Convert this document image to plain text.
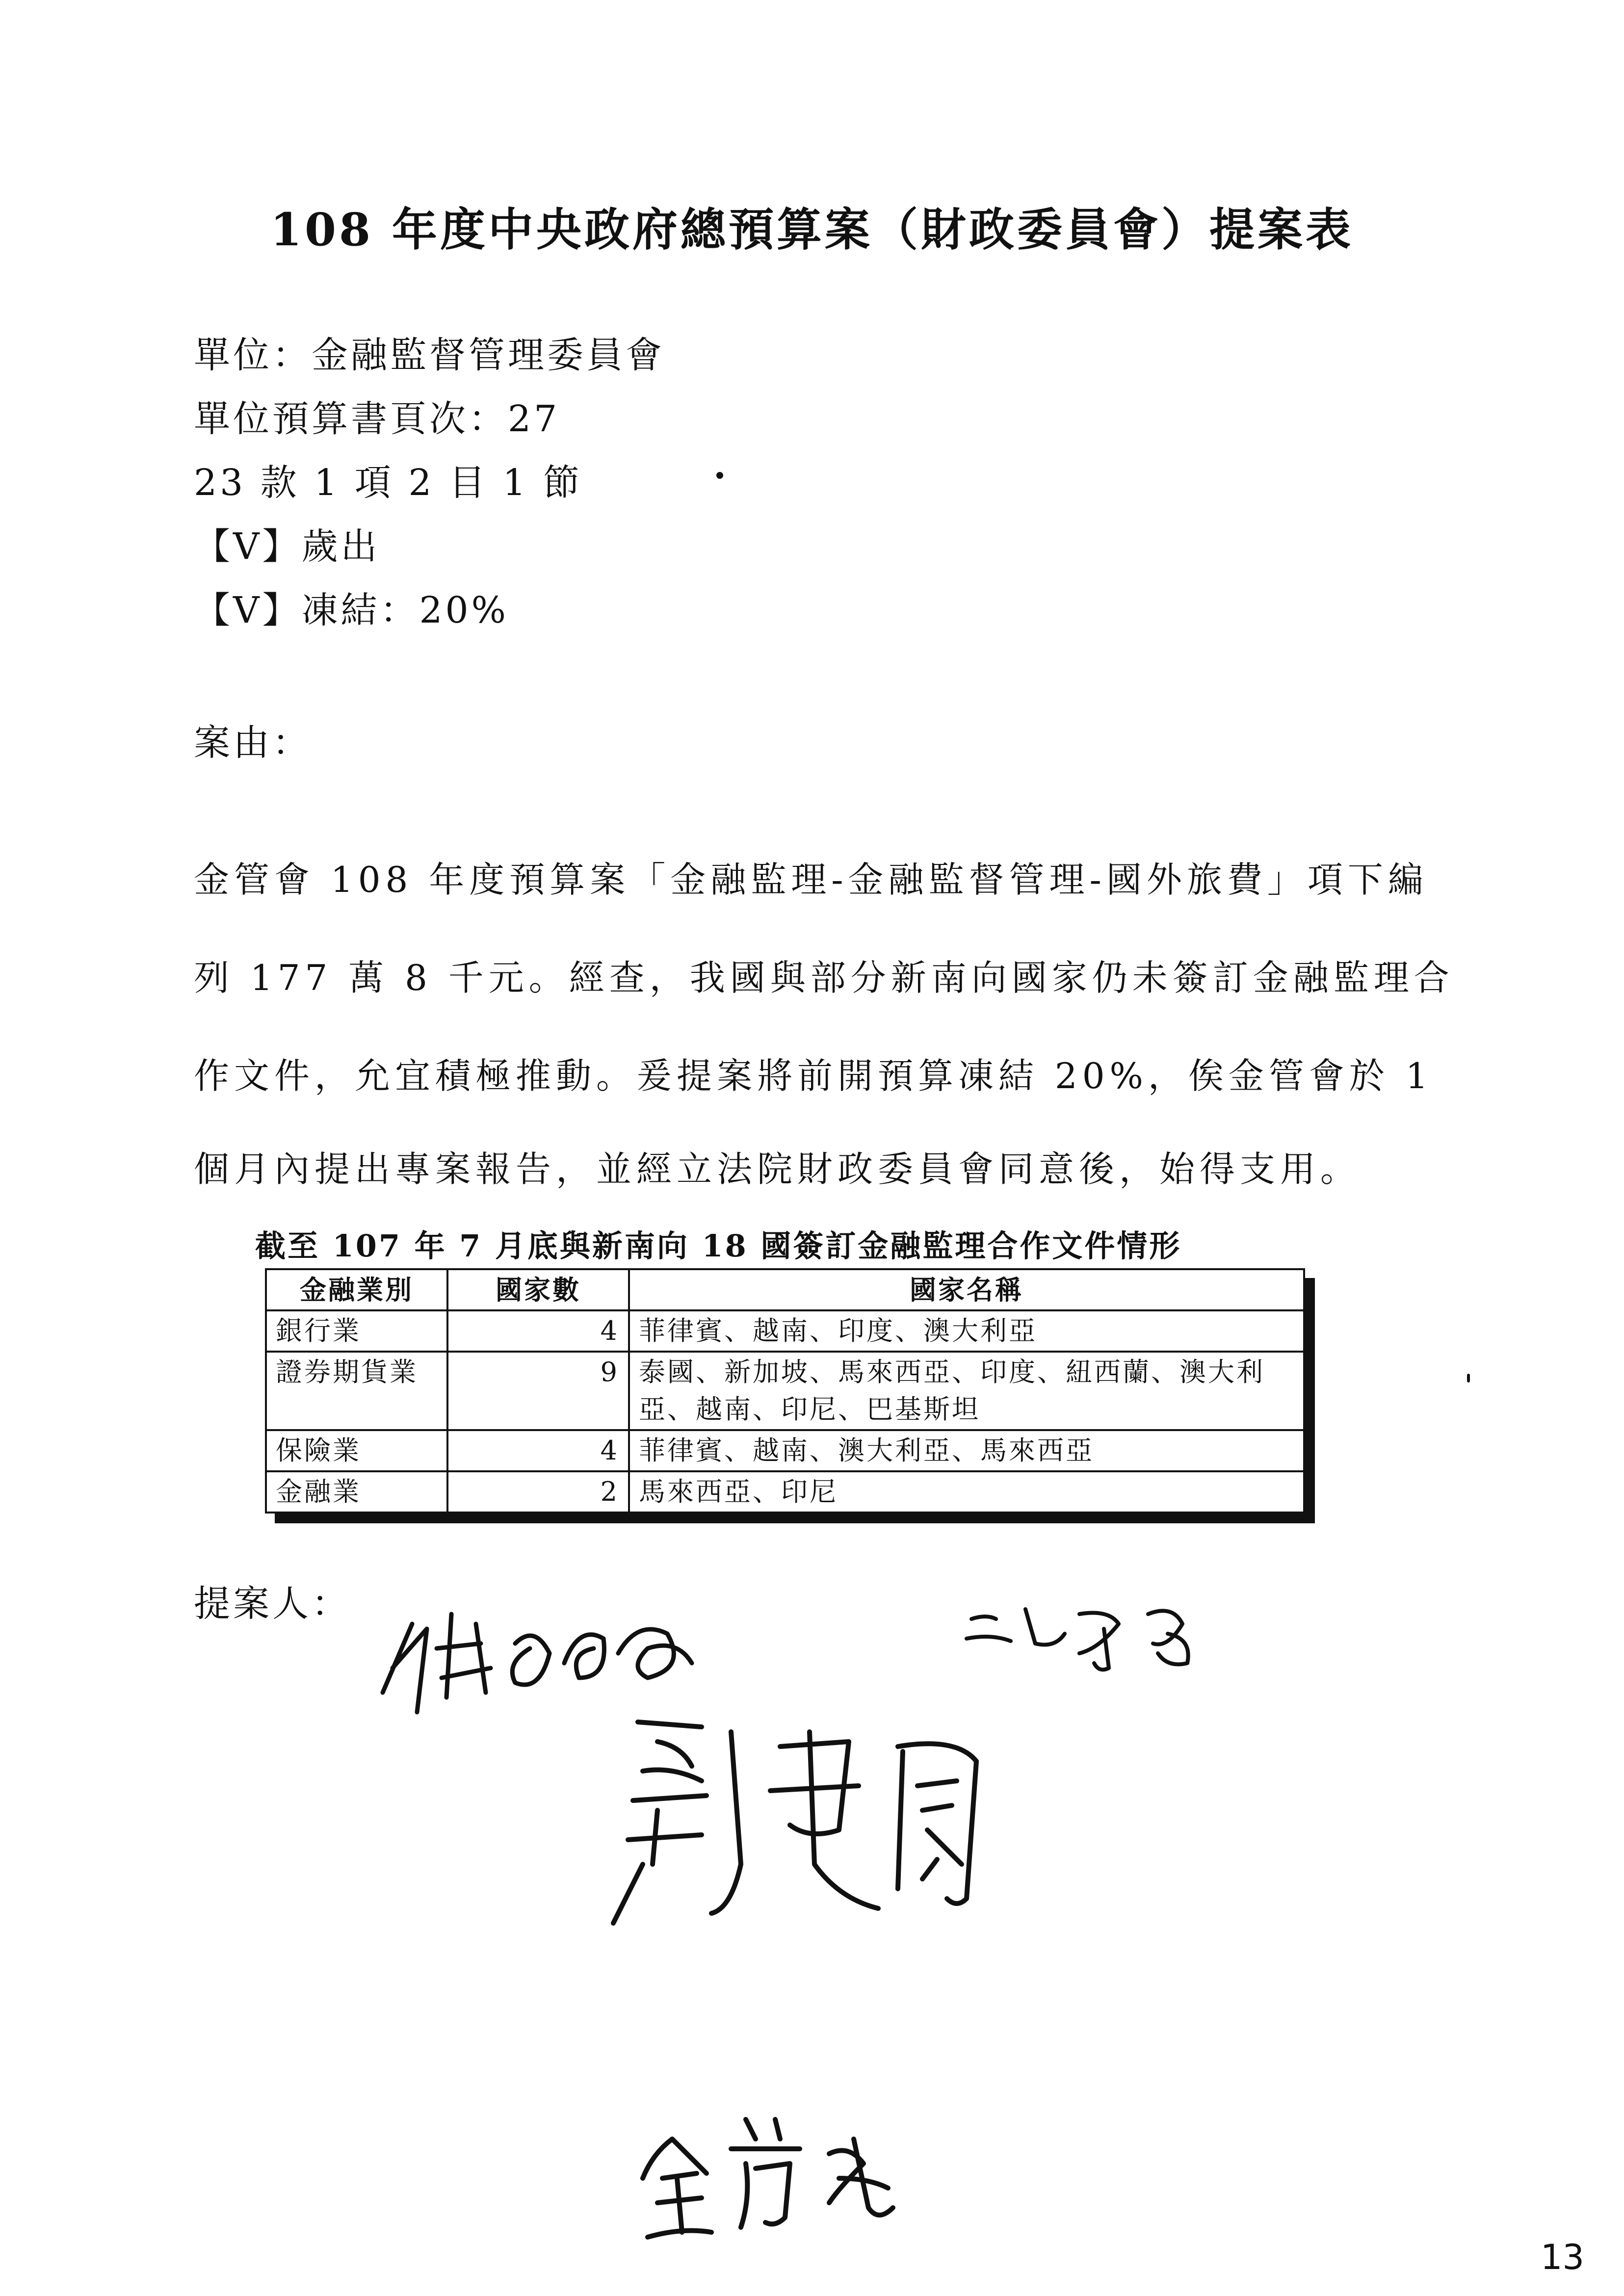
108 年度中央政府總預算案（財政委員會）提案表
單位：金融監督管理委員會
單位預算書頁次：27
23 款 1 項 2 目 1 節
【V】歲出
【V】凍結：20%
案由：
金管會 108 年度預算案「金融監理-金融監督管理-國外旅費」項下編
列 177 萬 8 千元。經查，我國與部分新南向國家仍未簽訂金融監理合
作文件，允宜積極推動。爰提案將前開預算凍結 20%，俟金管會於 1
個月內提出專案報告，並經立法院財政委員會同意後，始得支用。
截至 107 年 7 月底與新南向 18 國簽訂金融監理合作文件情形
金融業別	國家數	國家名稱
銀行業	4	菲律賓、越南、印度、澳大利亞
證券期貨業	9	泰國、新加坡、馬來西亞、印度、紐西蘭、澳大利亞、越南、印尼、巴基斯坦
保險業	4	菲律賓、越南、澳大利亞、馬來西亞
金融業	2	馬來西亞、印尼
提案人：
13
